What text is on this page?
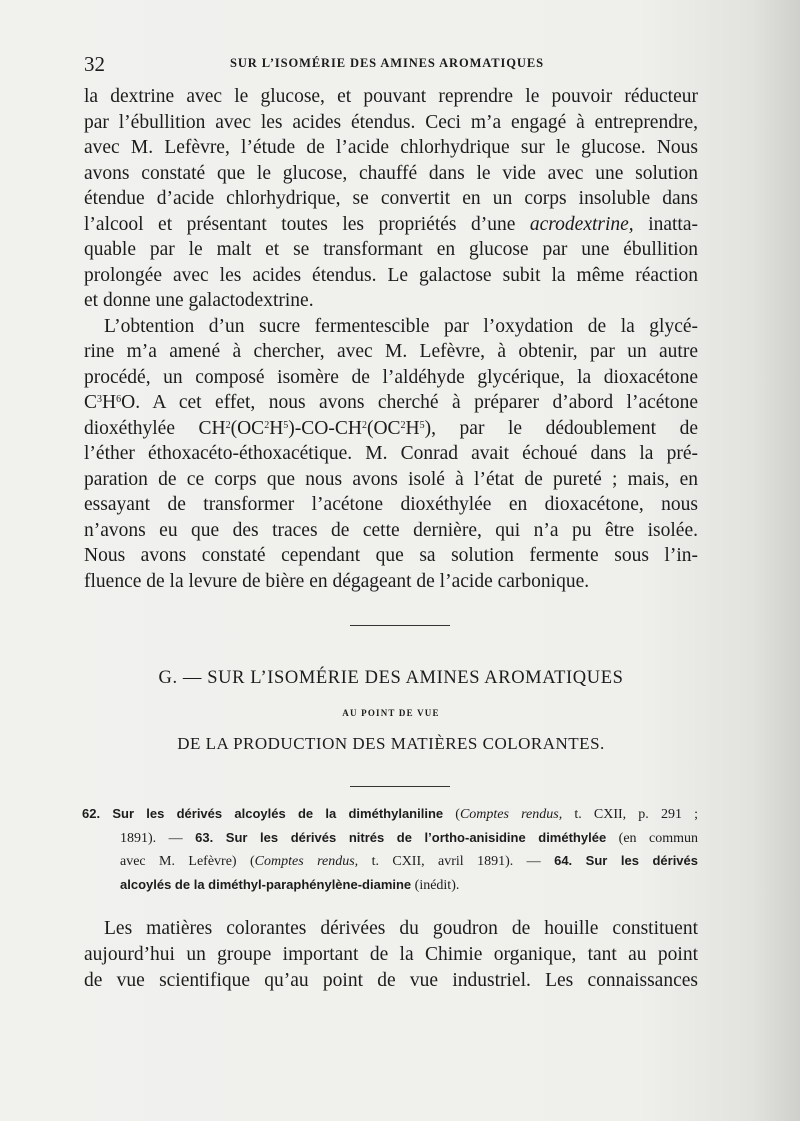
32	SUR L’ISOMÉRIE DES AMINES AROMATIQUES

la dextrine avec le glucose, et pouvant reprendre le pouvoir réducteur

par l’ébullition avec les acides étendus. Ceci m’a engagé à entreprendre,

avec M. Lefèvre, l’étude de l’acide chlorhydrique sur le glucose. Nous

avons constaté que le glucose, chauffé dans le vide avec une solution

étendue d’acide chlorhydrique, se convertit en un corps insoluble dans

l’alcool et présentant toutes les propriétés d’une acrodextrine, inatta-

quable par le malt et se transformant en glucose par une ébullition

prolongée avec les acides étendus. Le galactose subit la même réaction

et donne une galactodextrine.

L’obtention d’un sucre fermentescible par l’oxydation de la glycé-

rine m’a amené à chercher, avec M. Lefèvre, à obtenir, par un autre

procédé, un composé isomère de l’aldéhyde glycérique, la dioxacétone

$C^3H^6O$. A cet effet, nous avons cherché à préparer d’abord l’acétone

dioxéthylée $CH^2(OC^2H^5)-CO-CH^2(OC^2H^5)$, par le dédoublement de

l’éther éthoxacéto-éthoxacétique. M. Conrad avait échoué dans la pré-

paration de ce corps que nous avons isolé à l’état de pureté ; mais, en

essayant de transformer l’acétone dioxéthylée en dioxacétone, nous

n’avons eu que des traces de cette dernière, qui n’a pu être isolée.

Nous avons constaté cependant que sa solution fermente sous l’in-

fluence de la levure de bière en dégageant de l’acide carbonique.

G. — SUR L’ISOMÉRIE DES AMINES AROMATIQUES
AU POINT DE VUE
DE LA PRODUCTION DES MATIÈRES COLORANTES.
62. Sur les dérivés alcoylés de la diméthylaniline (Comptes rendus, t. CXII, p. 291 ;
1891). — 63. Sur les dérivés nitrés de l’ortho-anisidine diméthylée (en commun
avec M. Lefèvre) (Comptes rendus, t. CXII, avril 1891). — 64. Sur les dérivés
alcoylés de la diméthyl-paraphénylène-diamine (inédit).

Les matières colorantes dérivées du goudron de houille constituent

aujourd’hui un groupe important de la Chimie organique, tant au point

de vue scientifique qu’au point de vue industriel. Les connaissances
